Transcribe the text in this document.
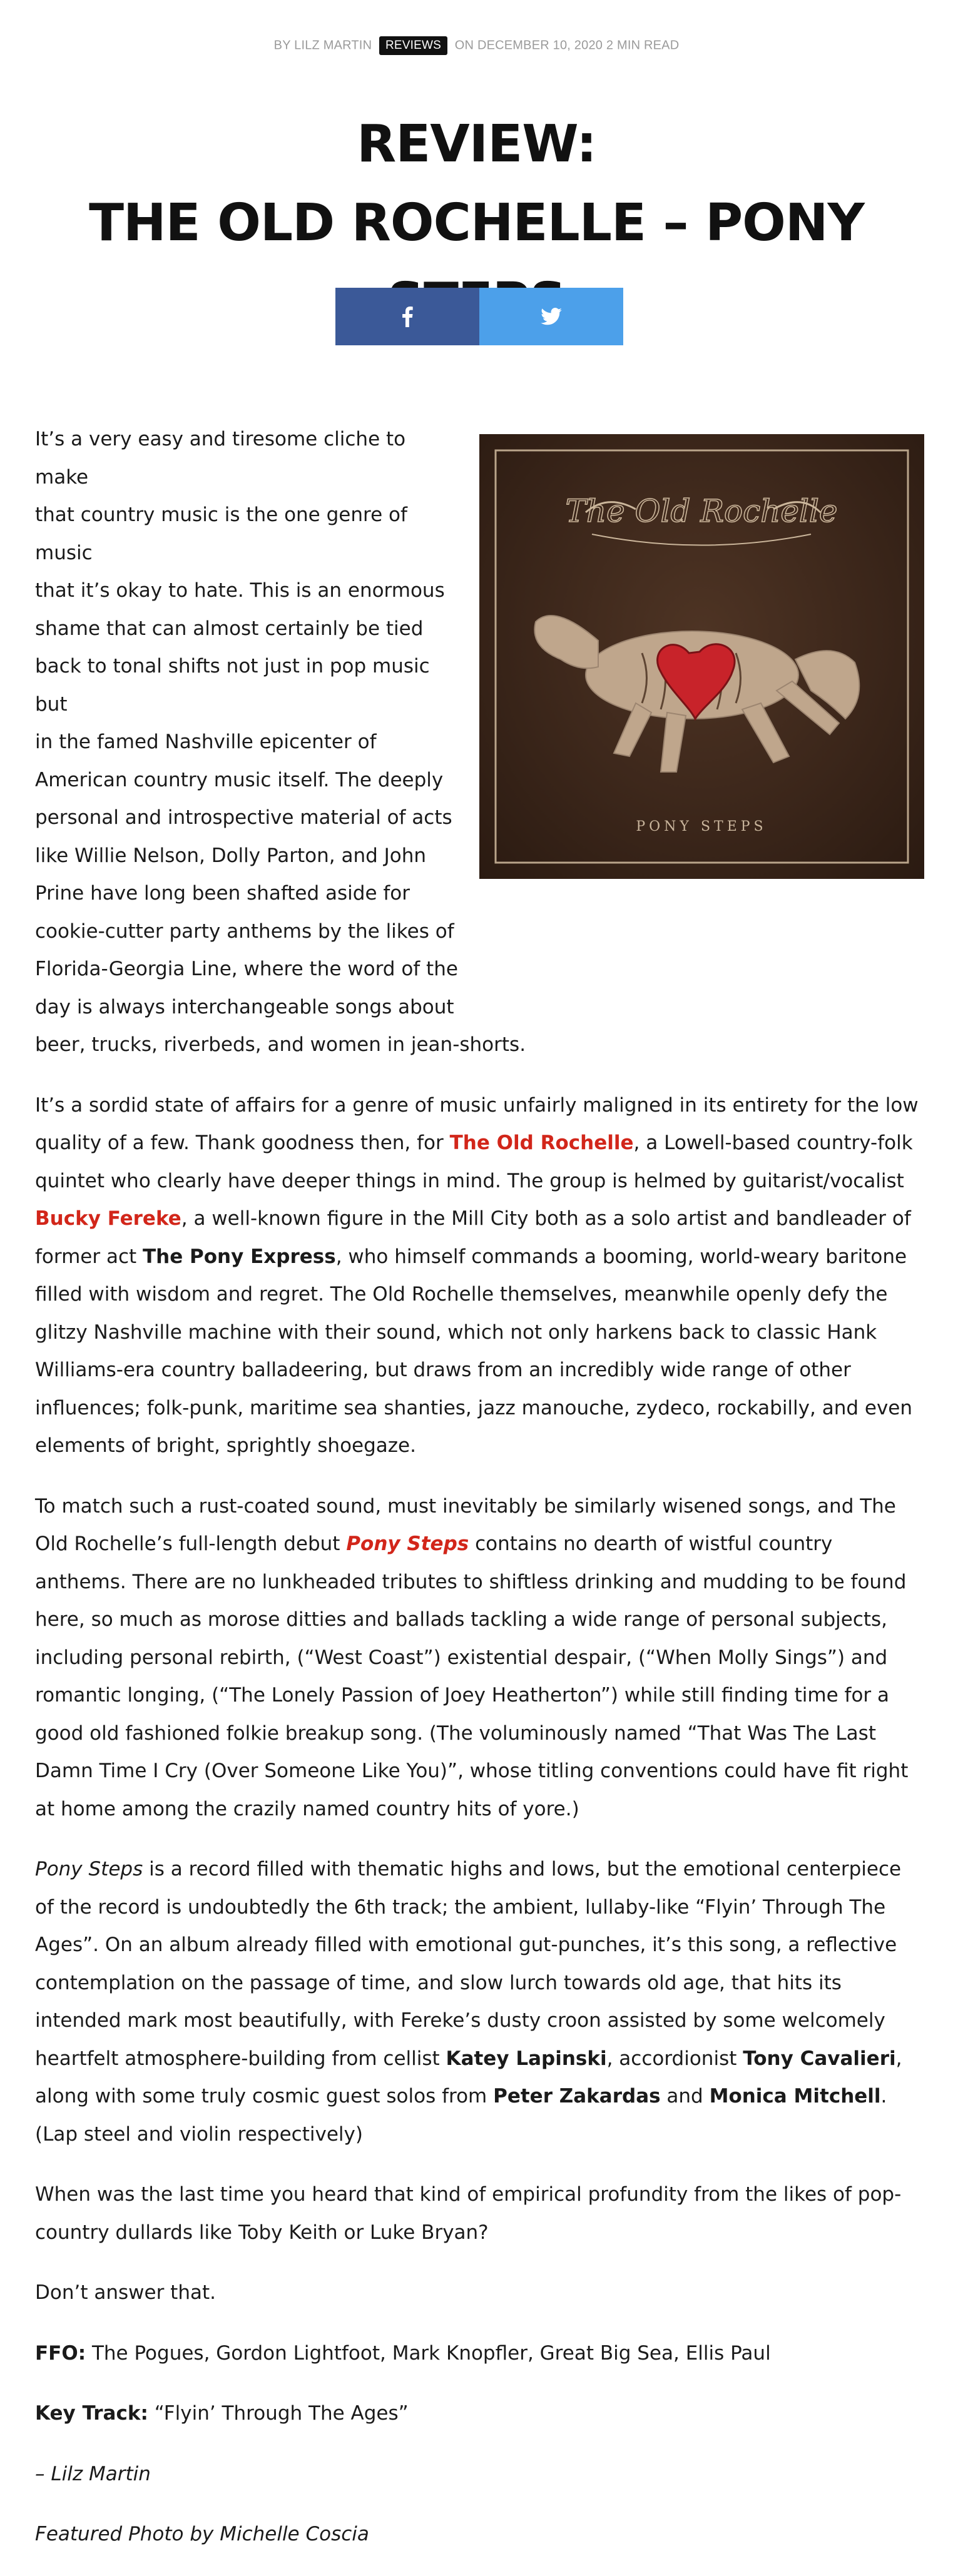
BY LILZ MARTIN REVIEWS ON DECEMBER 10, 2020 2 MIN READ
REVIEW:
THE OLD ROCHELLE – PONY
The Old Rochelle
PONY STEPS

It’s a very easy and tiresome cliche to make
that country music is the one genre of music
that it’s okay to hate. This is an enormous
shame that can almost certainly be tied
back to tonal shifts not just in pop music but
in the famed Nashville epicenter of
American country music itself. The deeply
personal and introspective material of acts
like Willie Nelson, Dolly Parton, and John
Prine have long been shafted aside for
cookie-cutter party anthems by the likes of
Florida-Georgia Line, where the word of the
day is always interchangeable songs about
beer, trucks, riverbeds, and women in jean-shorts.

It’s a sordid state of affairs for a genre of music unfairly maligned in its entirety for the low quality of a few. Thank goodness then, for The Old Rochelle, a Lowell-based country-folk quintet who clearly have deeper things in mind. The group is helmed by guitarist/vocalist Bucky Fereke, a well-known figure in the Mill City both as a solo artist and bandleader of former act The Pony Express, who himself commands a booming, world-weary baritone filled with wisdom and regret. The Old Rochelle themselves, meanwhile openly defy the glitzy Nashville machine with their sound, which not only harkens back to classic Hank Williams-era country balladeering, but draws from an incredibly wide range of other influences; folk-punk, maritime sea shanties, jazz manouche, zydeco, rockabilly, and even elements of bright, sprightly shoegaze.

To match such a rust-coated sound, must inevitably be similarly wisened songs, and The Old Rochelle’s full-length debut Pony Steps contains no dearth of wistful country anthems. There are no lunkheaded tributes to shiftless drinking and mudding to be found here, so much as morose ditties and ballads tackling a wide range of personal subjects, including personal rebirth, (“West Coast”) existential despair, (“When Molly Sings”) and romantic longing, (“The Lonely Passion of Joey Heatherton”) while still finding time for a good old fashioned folkie breakup song. (The voluminously named “That Was The Last Damn Time I Cry (Over Someone Like You)”, whose titling conventions could have fit right at home among the crazily named country hits of yore.)

Pony Steps is a record filled with thematic highs and lows, but the emotional centerpiece of the record is undoubtedly the 6th track; the ambient, lullaby-like “Flyin’ Through The Ages”. On an album already filled with emotional gut-punches, it’s this song, a reflective contemplation on the passage of time, and slow lurch towards old age, that hits its intended mark most beautifully, with Fereke’s dusty croon assisted by some welcomely heartfelt atmosphere-building from cellist Katey Lapinski, accordionist Tony Cavalieri, along with some truly cosmic guest solos from Peter Zakardas and Monica Mitchell. (Lap steel and violin respectively)

When was the last time you heard that kind of empirical profundity from the likes of pop-country dullards like Toby Keith or Luke Bryan?

Don’t answer that.

FFO: The Pogues, Gordon Lightfoot, Mark Knopfler, Great Big Sea, Ellis Paul

Key Track: “Flyin’ Through The Ages”

– Lilz Martin

Featured Photo by Michelle Coscia
